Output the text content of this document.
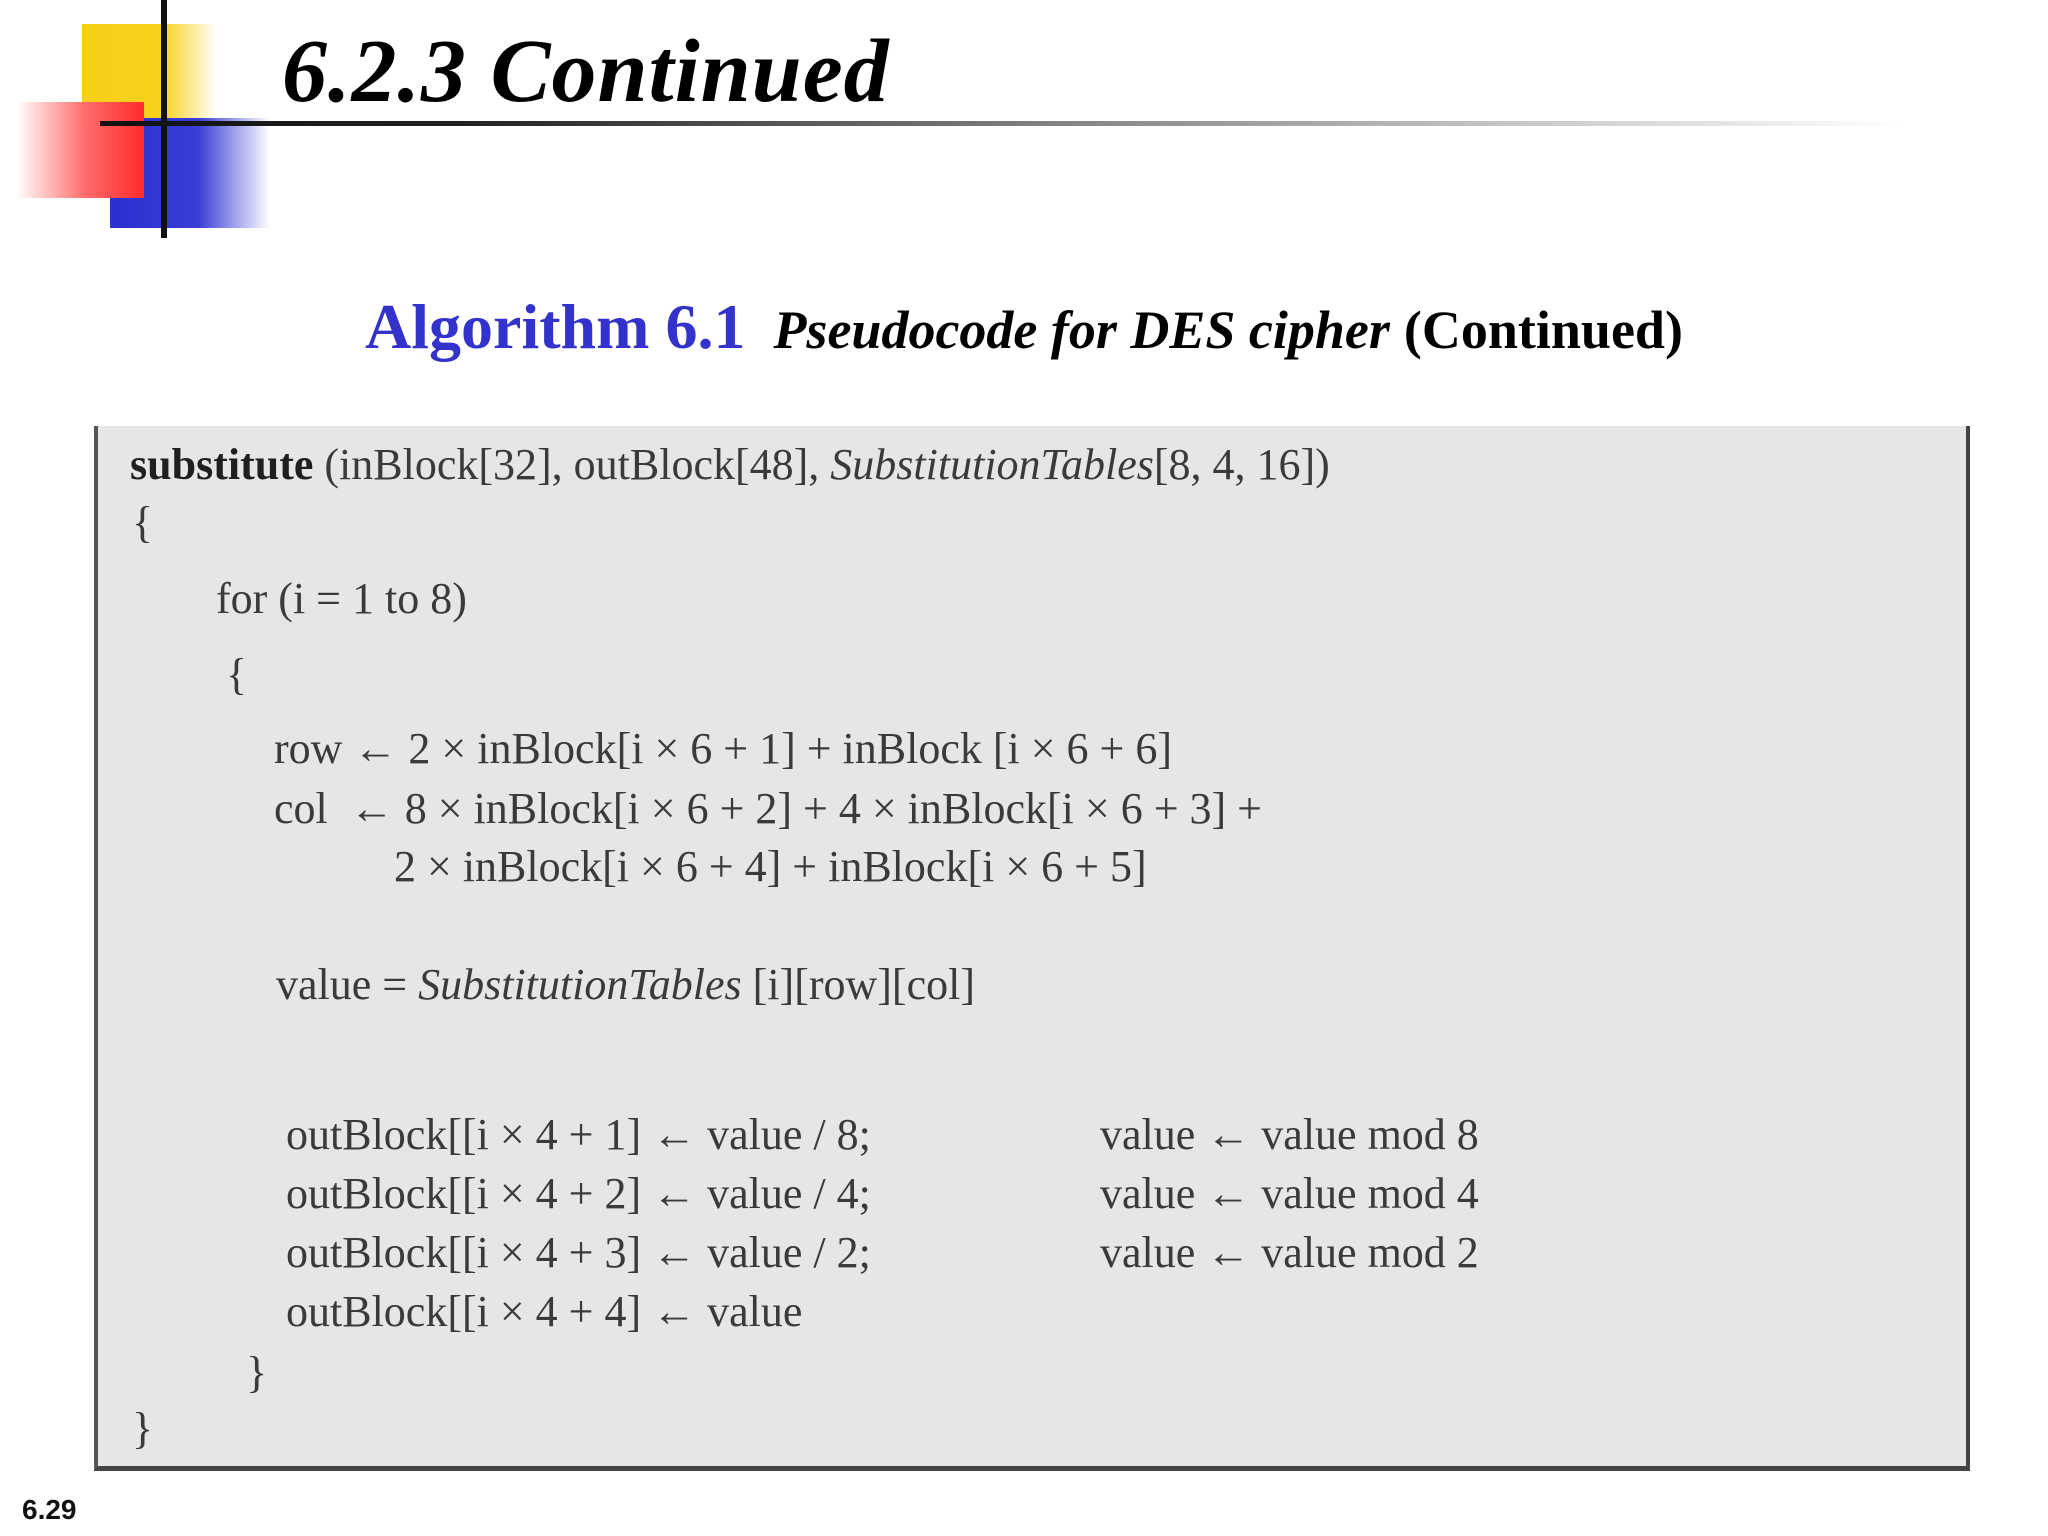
6.2.3 Continued
Algorithm 6.1 Pseudocode for DES cipher (Continued)
substitute (inBlock[32], outBlock[48], SubstitutionTables[8, 4, 16])
{
for (i = 1 to 8)
{
row ← 2 × inBlock[i × 6 + 1] + inBlock [i × 6 + 6]
col  ← 8 × inBlock[i × 6 + 2] + 4 × inBlock[i × 6 + 3] +
2 × inBlock[i × 6 + 4] + inBlock[i × 6 + 5]
value = SubstitutionTables [i][row][col]
outBlock[[i × 4 + 1] ← value / 8;	value ← value mod 8
outBlock[[i × 4 + 2] ← value / 4;	value ← value mod 4
outBlock[[i × 4 + 3] ← value / 2;	value ← value mod 2
outBlock[[i × 4 + 4] ← value
}
}
6.29
